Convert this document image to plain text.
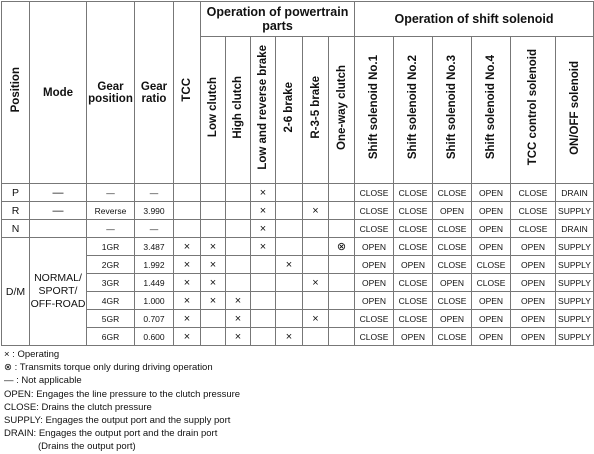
Position	Mode	Gear position	Gear ratio	TCC	Operation of powertrain parts						Operation of shift solenoid					
					Low clutch	High clutch	Low and reverse brake	2-6 brake	R-3-5 brake	One-way clutch	Shift solenoid No.1	Shift solenoid No.2	Shift solenoid No.3	Shift solenoid No.4	TCC control solenoid	ON/OFF solenoid
P	—	—	—				×				CLOSE	CLOSE	CLOSE	OPEN	CLOSE	DRAIN
R	—	Reverse	3.990				×		×		CLOSE	CLOSE	OPEN	OPEN	CLOSE	SUPPLY
N		—	—				×				CLOSE	CLOSE	CLOSE	OPEN	CLOSE	DRAIN
D/M	NORMAL/ SPORT/ OFF-ROAD	1GR	3.487	×	×		×			⊗	OPEN	CLOSE	CLOSE	OPEN	OPEN	SUPPLY
		2GR	1.992	×	×			×			OPEN	OPEN	CLOSE	CLOSE	OPEN	SUPPLY
		3GR	1.449	×	×				×		OPEN	CLOSE	OPEN	CLOSE	OPEN	SUPPLY
		4GR	1.000	×	×	×					OPEN	CLOSE	CLOSE	OPEN	OPEN	SUPPLY
		5GR	0.707	×		×			×		CLOSE	CLOSE	OPEN	OPEN	OPEN	SUPPLY
		6GR	0.600	×		×		×			CLOSE	OPEN	CLOSE	OPEN	OPEN	SUPPLY
× : Operating
⊗ : Transmits torque only during driving operation
— : Not applicable
OPEN: Engages the line pressure to the clutch pressure
CLOSE: Drains the clutch pressure
SUPPLY: Engages the output port and the supply port
DRAIN: Engages the output port and the drain port
(Drains the output port)
